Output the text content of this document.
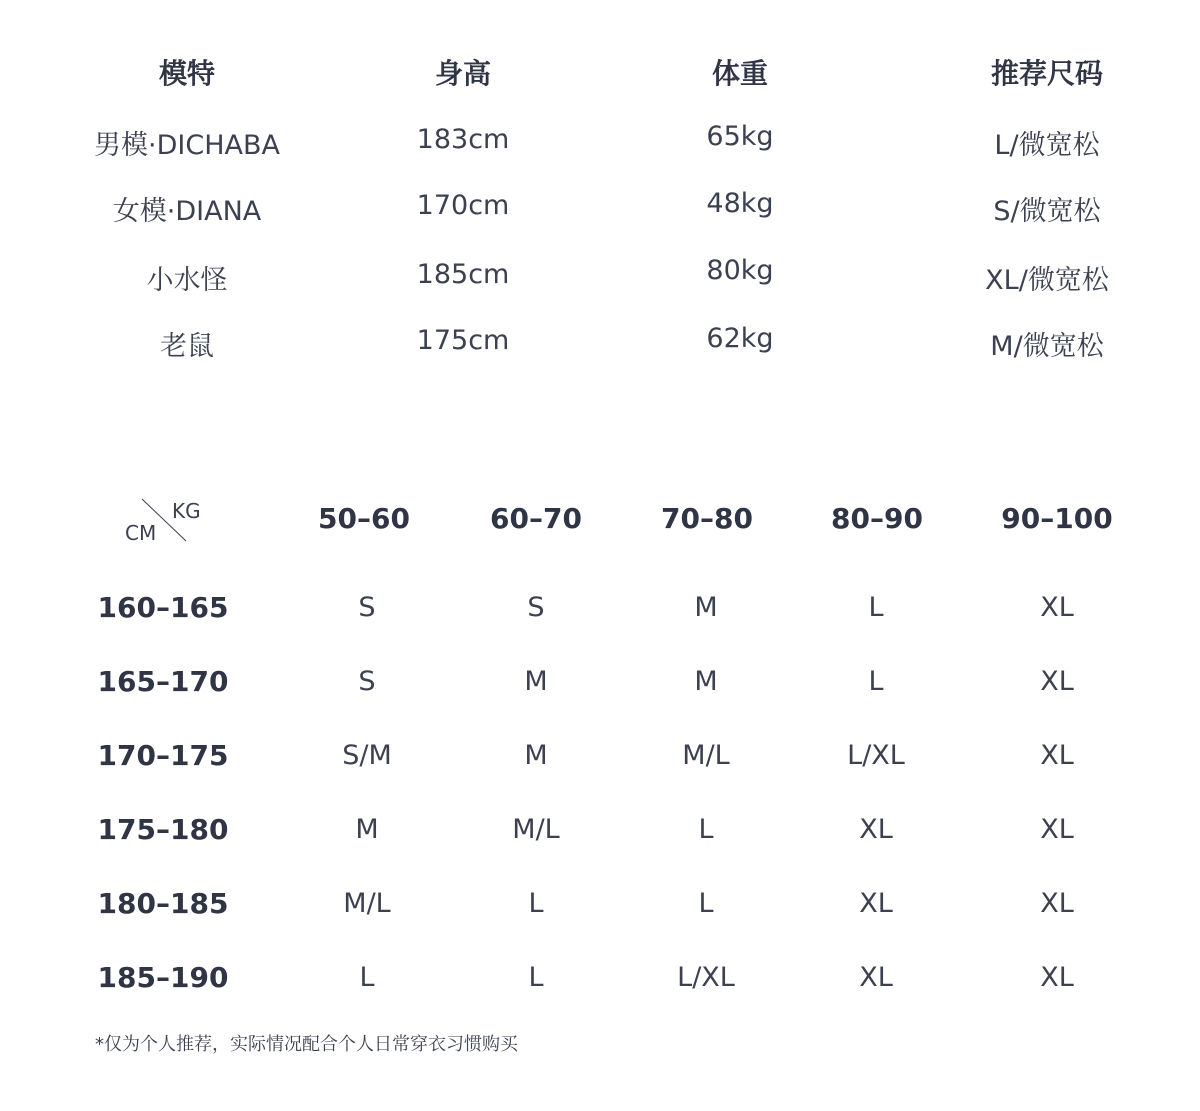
模特	身高	体重	推荐尺码
男模·DICHABA	183cm	65kg	L/微宽松
女模·DIANA	170cm	48kg	S/微宽松
小水怪	185cm	80kg	XL/微宽松
老鼠	175cm	62kg	M/微宽松
KG
CM	50–60	60–70	70–80	80–90	90–100
160–165	S	S	M	L	XL
165–170	S	M	M	L	XL
170–175	S/M	M	M/L	L/XL	XL
175–180	M	M/L	L	XL	XL
180–185	M/L	L	L	XL	XL
185–190	L	L	L/XL	XL	XL
*仅为个人推荐，实际情况配合个人日常穿衣习惯购买
